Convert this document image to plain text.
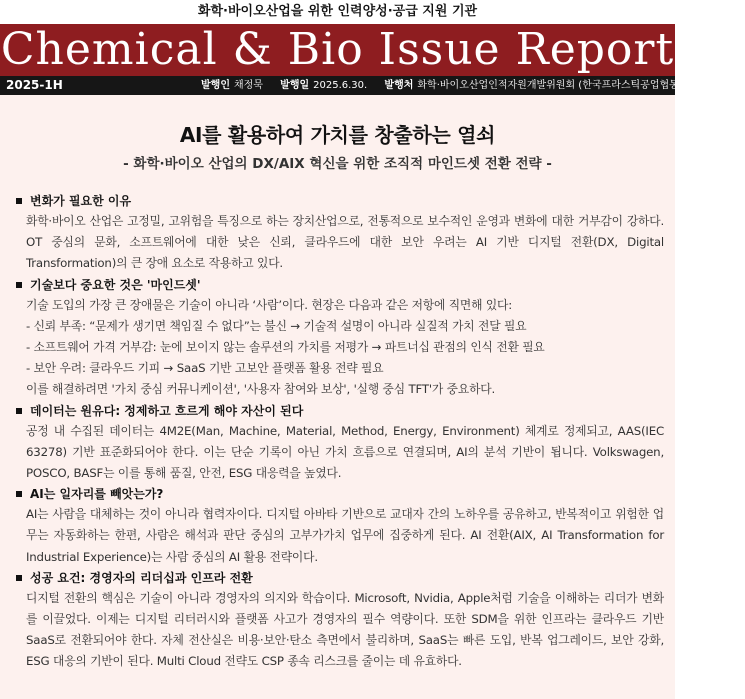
화학·바이오산업을 위한 인력양성·공급 지원 기관
Chemical & Bio Issue Report
2025-1H	발행인 채정묵 발행일 2025.6.30. 발행처 화학·바이오산업인적자원개발위원회 (한국프라스틱공업협동조합연합회)
AI를 활용하여 가치를 창출하는 열쇠
- 화학·바이오 산업의 DX/AIX 혁신을 위한 조직적 마인드셋 전환 전략 -
변화가 필요한 이유

화학·바이오 산업은 고정밀, 고위험을 특징으로 하는 장치산업으로, 전통적으로 보수적인 운영과 변화에 대한 거부감이 강하다. OT 중심의 문화, 소프트웨어에 대한 낮은 신뢰, 클라우드에 대한 보안 우려는 AI 기반 디지털 전환(DX, Digital Transformation)의 큰 장애 요소로 작용하고 있다.

기술보다 중요한 것은 '마인드셋'

기술 도입의 가장 큰 장애물은 기술이 아니라 ‘사람’이다. 현장은 다음과 같은 저항에 직면해 있다:

- 신뢰 부족: “문제가 생기면 책임질 수 없다”는 불신 → 기술적 설명이 아니라 실질적 가치 전달 필요
- 소프트웨어 가격 거부감: 눈에 보이지 않는 솔루션의 가치를 저평가 → 파트너십 관점의 인식 전환 필요
- 보안 우려: 클라우드 기피 → SaaS 기반 고보안 플랫폼 활용 전략 필요

이를 해결하려면 '가치 중심 커뮤니케이션', '사용자 참여와 보상', '실행 중심 TFT'가 중요하다.

데이터는 원유다: 정제하고 흐르게 해야 자산이 된다

공정 내 수집된 데이터는 4M2E(Man, Machine, Material, Method, Energy, Environment) 체계로 정제되고, AAS(IEC 63278) 기반 표준화되어야 한다. 이는 단순 기록이 아닌 가치 흐름으로 연결되며, AI의 분석 기반이 됩니다. Volkswagen, POSCO, BASF는 이를 통해 품질, 안전, ESG 대응력을 높였다.

AI는 일자리를 빼앗는가?

AI는 사람을 대체하는 것이 아니라 협력자이다. 디지털 아바타 기반으로 교대자 간의 노하우를 공유하고, 반복적이고 위험한 업무는 자동화하는 한편, 사람은 해석과 판단 중심의 고부가가치 업무에 집중하게 된다. AI 전환(AIX, AI Transformation for Industrial Experience)는 사람 중심의 AI 활용 전략이다.

성공 요건: 경영자의 리더십과 인프라 전환

디지털 전환의 핵심은 기술이 아니라 경영자의 의지와 학습이다. Microsoft, Nvidia, Apple처럼 기술을 이해하는 리더가 변화를 이끌었다. 이제는 디지털 리터러시와 플랫폼 사고가 경영자의 필수 역량이다. 또한 SDM을 위한 인프라는 클라우드 기반 SaaS로 전환되어야 한다. 자체 전산실은 비용·보안·탄소 측면에서 불리하며, SaaS는 빠른 도입, 반복 업그레이드, 보안 강화, ESG 대응의 기반이 된다. Multi Cloud 전략도 CSP 종속 리스크를 줄이는 데 유효하다.
